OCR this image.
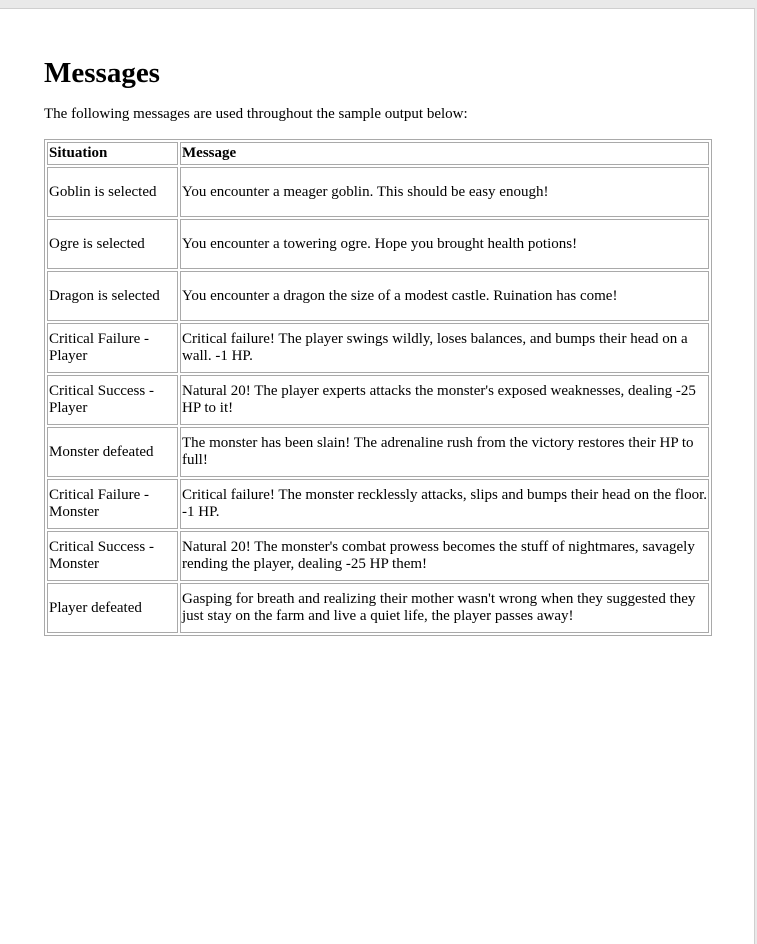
Messages

The following messages are used throughout the sample output below:

Situation	Message
Goblin is selected	You encounter a meager goblin. This should be easy enough!
Ogre is selected	You encounter a towering ogre. Hope you brought health potions!
Dragon is selected	You encounter a dragon the size of a modest castle. Ruination has come!
Critical Failure - Player	Critical failure! The player swings wildly, loses balances, and bumps their head on a wall. -1 HP.
Critical Success - Player	Natural 20! The player experts attacks the monster's exposed weaknesses, dealing -25 HP to it!
Monster defeated	The monster has been slain! The adrenaline rush from the victory restores their HP to full!
Critical Failure - Monster	Critical failure! The monster recklessly attacks, slips and bumps their head on the floor. -1 HP.
Critical Success - Monster	Natural 20! The monster's combat prowess becomes the stuff of nightmares, savagely rending the player, dealing -25 HP them!
Player defeated	Gasping for breath and realizing their mother wasn't wrong when they suggested they just stay on the farm and live a quiet life, the player passes away!
